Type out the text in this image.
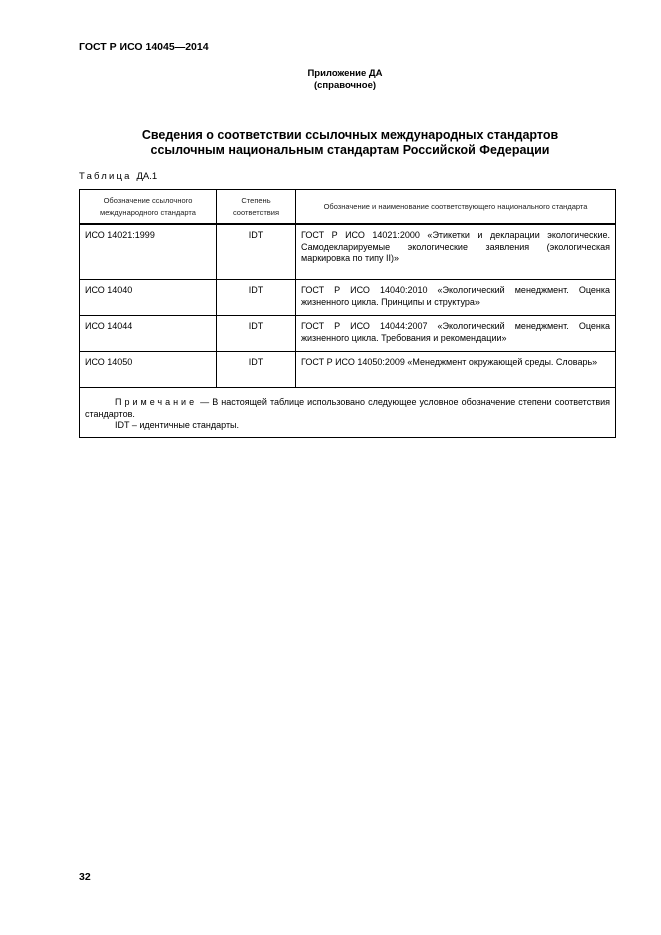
ГОСТ Р ИСО 14045—2014
Приложение ДА
(справочное)
Сведения о соответствии ссылочных международных стандартов
ссылочным национальным стандартам Российской Федерации
Таблица ДА.1
Обозначение ссылочного международного стандарта	Степень соответствия	Обозначение и наименование соответствующего национального стандарта
ИСО 14021:1999	IDT	ГОСТ Р ИСО 14021:2000 «Этикетки и декларации экологические. Самодекларируемые экологические заявления (экологическая маркировка по типу II)»
ИСО 14040	IDT	ГОСТ Р ИСО 14040:2010 «Экологический менеджмент. Оценка жизненного цикла. Принципы и структура»
ИСО 14044	IDT	ГОСТ Р ИСО 14044:2007 «Экологический менеджмент. Оценка жизненного цикла. Требования и рекомендации»
ИСО 14050	IDT	ГОСТ Р ИСО 14050:2009 «Менеджмент окружающей среды. Словарь»

Примечание — В настоящей таблице использовано следующее условное обозначение степени соответствия стандартов.
IDT – идентичные стандарты.		
32
